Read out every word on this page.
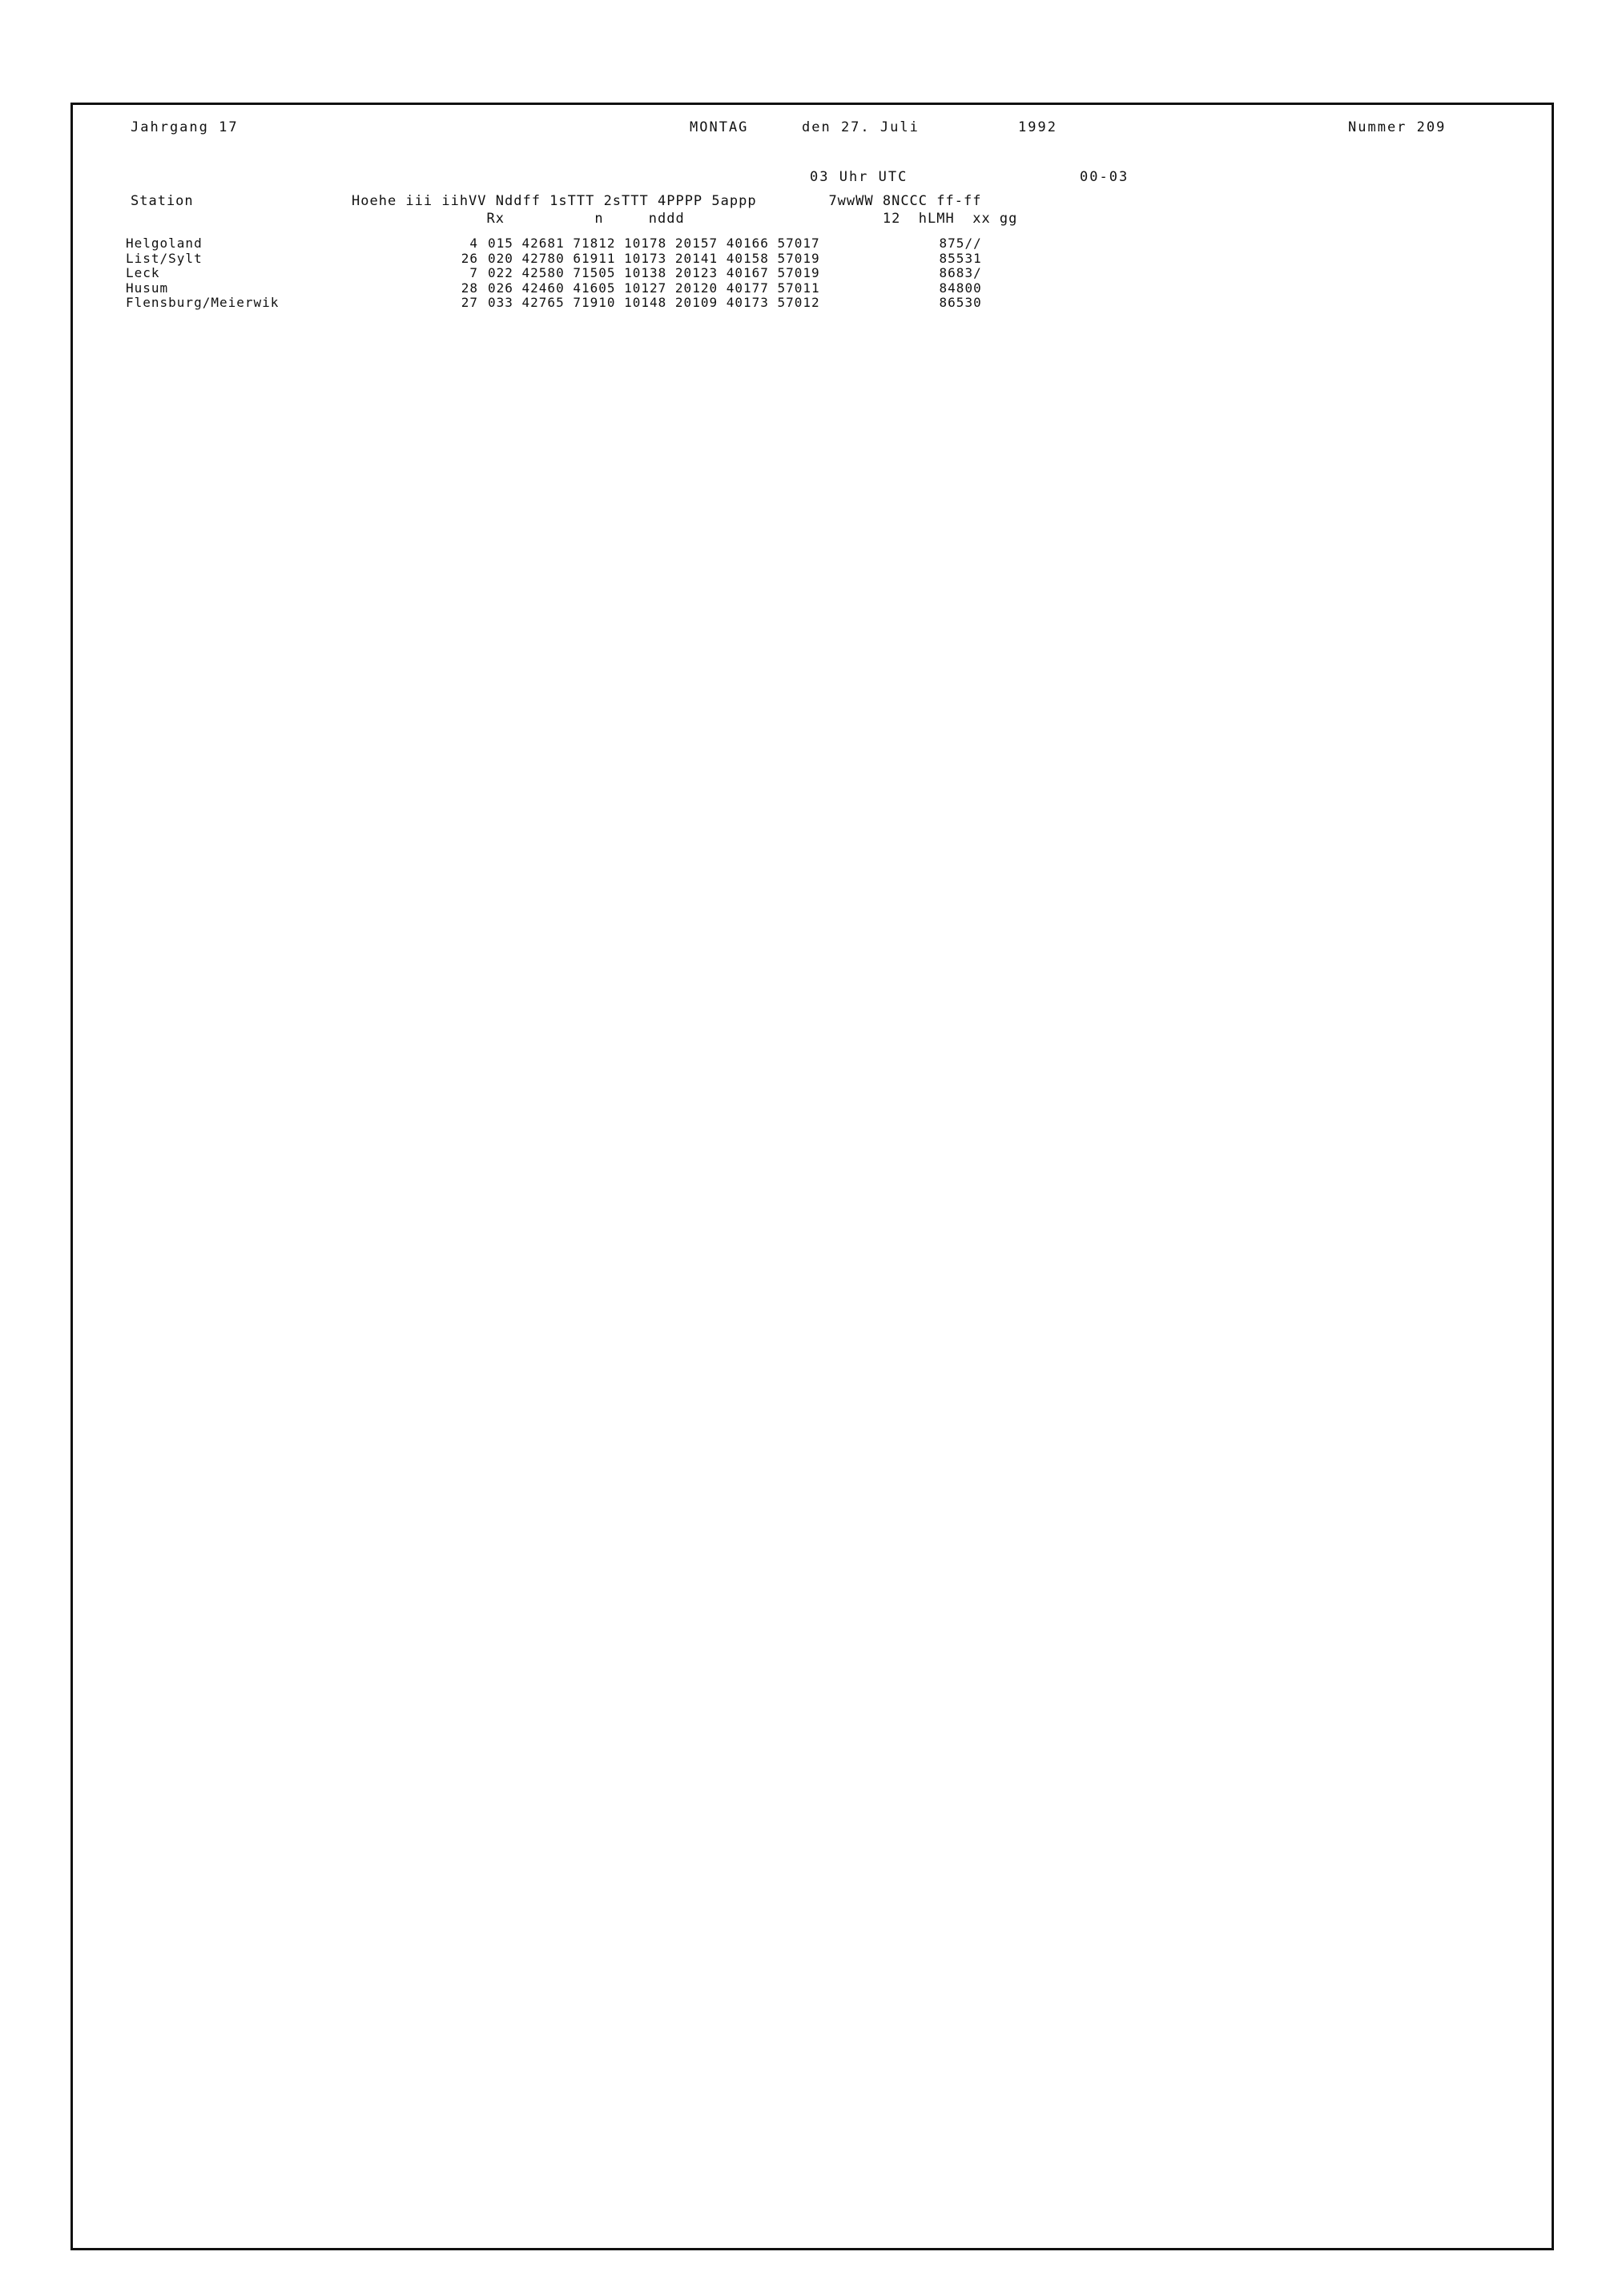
Jahrgang 17	MONTAG	den 27. Juli	1992	Nummer 209
03 Uhr UTC	00-03
Station	Hoehe iii iihVV Nddff 1sTTT 2sTTT 4PPPP 5appp        7wwWW 8NCCC ff-ff
Rx          n     nddd                      12  hLMH  xx gg
Helgoland	4 015 42681 71812 10178 20157 40166 57017              875//
List/Sylt	26 020 42780 61911 10173 20141 40158 57019              85531
Leck	7 022 42580 71505 10138 20123 40167 57019              8683/
Husum	28 026 42460 41605 10127 20120 40177 57011              84800
Flensburg/Meierwik	27 033 42765 71910 10148 20109 40173 57012              86530
